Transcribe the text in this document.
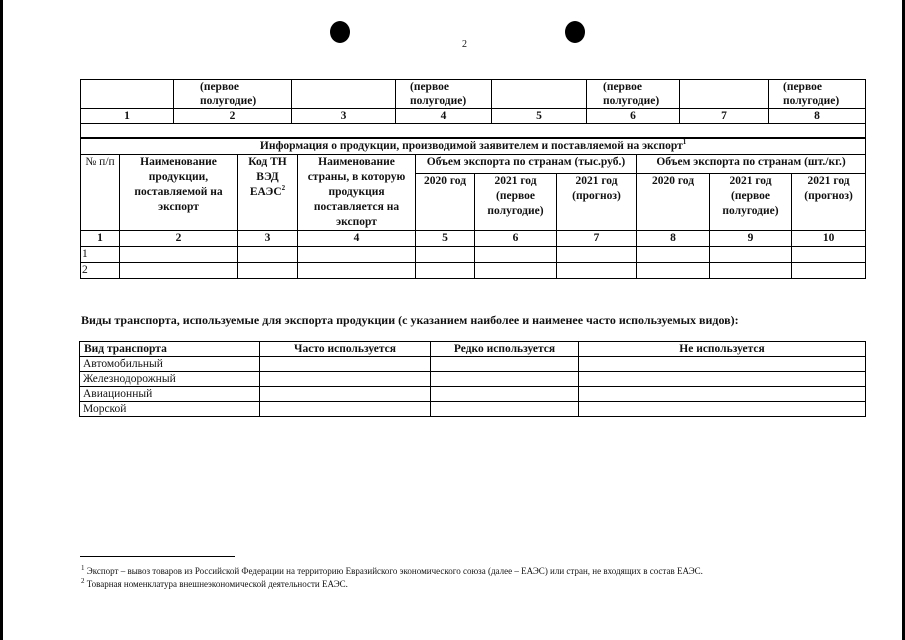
2
	(первое полугодие)		(первое полугодие)		(первое полугодие)		(первое полугодие)
1	2	3	4	5	6	7	8

Информация о продукции, производимой заявителем и поставляемой на экспорт$^1$
№ п/п	Наименование продукции, поставляемой на экспорт	Код ТН ВЭД ЕАЭС$^2$	Наименование страны, в которую продукция поставляется на экспорт	Объем экспорта по странам (тыс.руб.)			Объем экспорта по странам (шт./кг.)		
				2020 год	2021 год (первое полугодие)	2021 год (прогноз)	2020 год	2021 год (первое полугодие)	2021 год (прогноз)
1	2	3	4	5	6	7	8	9	10
1									
2									
Виды транспорта, используемые для экспорта продукции (с указанием наиболее и наименее часто используемых видов):
Вид транспорта	Часто используется	Редко используется	Не используется
Автомобильный			
Железнодорожный			
Авиационный			
Морской			
$^1$ Экспорт – вывоз товаров из Российской Федерации на территорию Евразийского экономического союза (далее – ЕАЭС) или стран, не входящих в состав ЕАЭС.
$^2$ Товарная номенклатура внешнеэкономической деятельности ЕАЭС.
